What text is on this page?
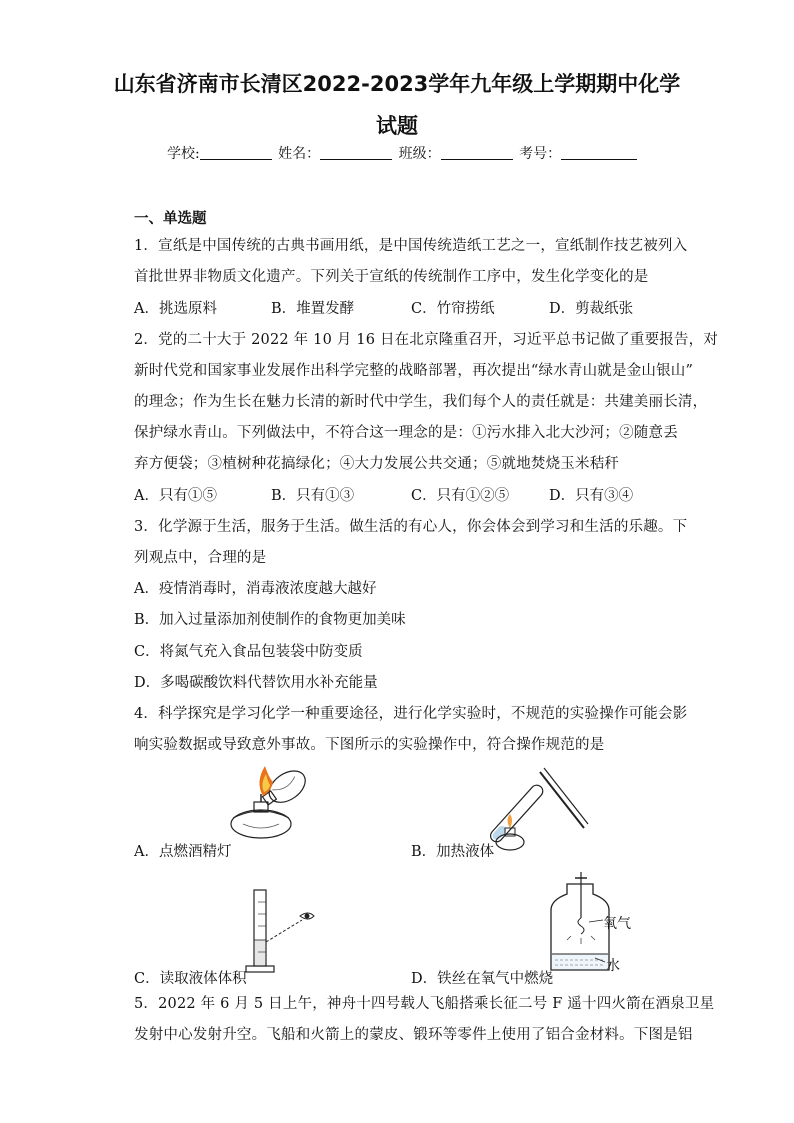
山东省济南市长清区2022-2023学年九年级上学期期中化学
试题
学校:	姓名：	班级：	考号：
一、单选题
1．宣纸是中国传统的古典书画用纸，是中国传统造纸工艺之一，宣纸制作技艺被列入
首批世界非物质文化遗产。下列关于宣纸的传统制作工序中，发生化学变化的是
A．挑选原料	B．堆置发酵	C．竹帘捞纸	D．剪裁纸张
2．党的二十大于 2022 年 10 月 16 日在北京隆重召开，习近平总书记做了重要报告，对
新时代党和国家事业发展作出科学完整的战略部署，再次提出“绿水青山就是金山银山”
的理念；作为生长在魅力长清的新时代中学生，我们每个人的责任就是：共建美丽长清，
保护绿水青山。下列做法中，不符合这一理念的是：①污水排入北大沙河；②随意丢
弃方便袋；③植树种花搞绿化；④大力发展公共交通；⑤就地焚烧玉米秸秆
A．只有①⑤	B．只有①③	C．只有①②⑤	D．只有③④
3．化学源于生活，服务于生活。做生活的有心人，你会体会到学习和生活的乐趣。下
列观点中，合理的是
A．疫情消毒时，消毒液浓度越大越好
B．加入过量添加剂使制作的食物更加美味
C．将氮气充入食品包装袋中防变质
D．多喝碳酸饮料代替饮用水补充能量
4．科学探究是学习化学一种重要途径，进行化学实验时，不规范的实验操作可能会影
响实验数据或导致意外事故。下图所示的实验操作中，符合操作规范的是
A．点燃酒精灯	B．加热液体
C．读取液体体积
氧气
水
D．铁丝在氧气中燃烧
5．2022 年 6 月 5 日上午，神舟十四号载人飞船搭乘长征二号 F 遥十四火箭在酒泉卫星
发射中心发射升空。飞船和火箭上的蒙皮、锻环等零件上使用了铝合金材料。下图是铝
